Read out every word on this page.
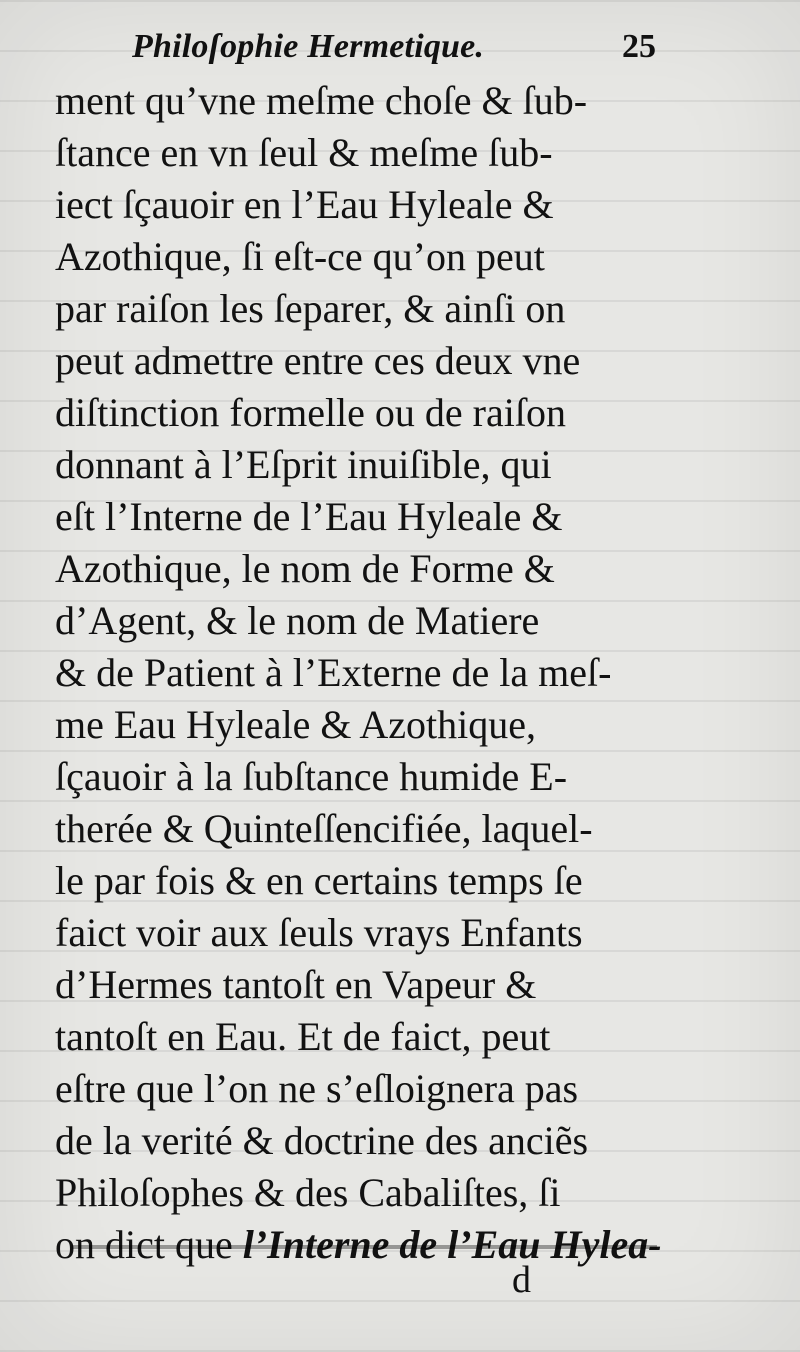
Philoſophie Hermetique.	25
ment qu’vne meſme choſe & ſub-
ſtance en vn ſeul & meſme ſub-
iect ſçauoir en l’Eau Hyleale &
Azothique, ſi eſt-ce qu’on peut
par raiſon les ſeparer, & ainſi on
peut admettre entre ces deux vne
diſtinction formelle ou de raiſon
donnant à l’Eſprit inuiſible, qui
eſt l’Interne de l’Eau Hyleale &
Azothique, le nom de Forme &
d’Agent, & le nom de Matiere
& de Patient à l’Externe de la meſ-
me Eau Hyleale & Azothique,
ſçauoir à la ſubſtance humide E-
therée & Quinteſſencifiée, laquel-
le par fois & en certains temps ſe
faict voir aux ſeuls vrays Enfants
d’Hermes tantoſt en Vapeur &
tantoſt en Eau. Et de faict, peut
eſtre que l’on ne s’eſloignera pas
de la verité & doctrine des anciẽs
Philoſophes & des Cabaliſtes, ſi
on dict que l’Interne de l’Eau Hylea-
d
